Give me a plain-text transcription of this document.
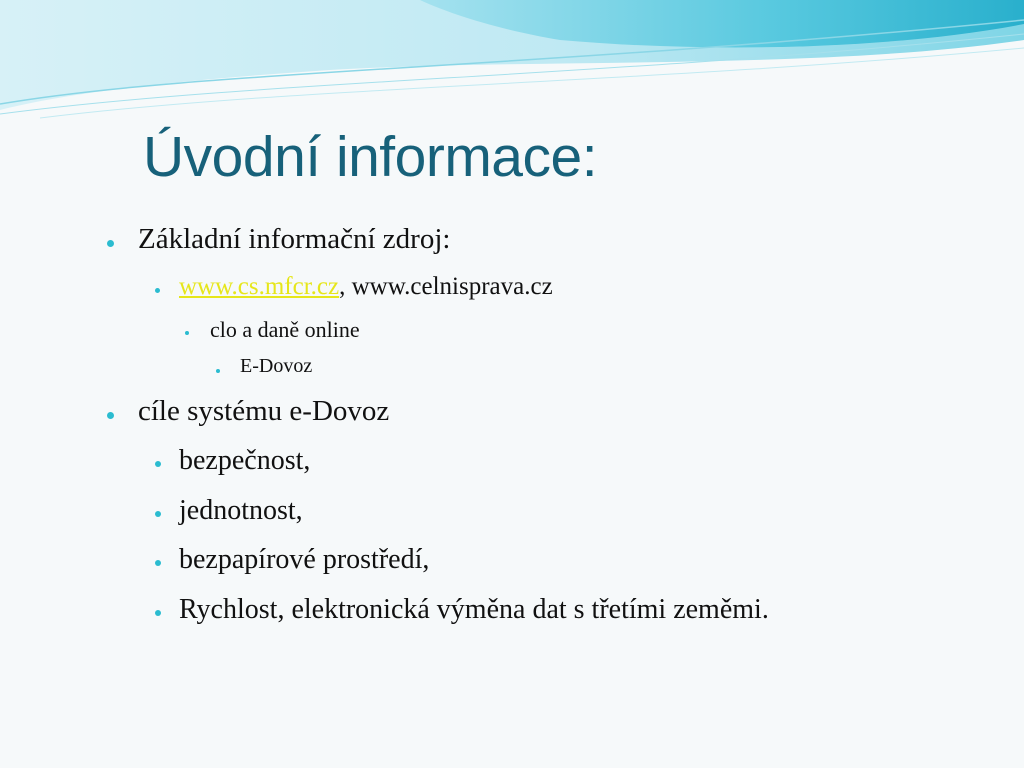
Úvodní informace:
Základní informační zdroj:
www.cs.mfcr.cz, www.celnisprava.cz
clo a daně online
E-Dovoz
cíle systému e-Dovoz
bezpečnost,
jednotnost,
bezpapírové prostředí,
Rychlost, elektronická výměna dat s třetími zeměmi.
